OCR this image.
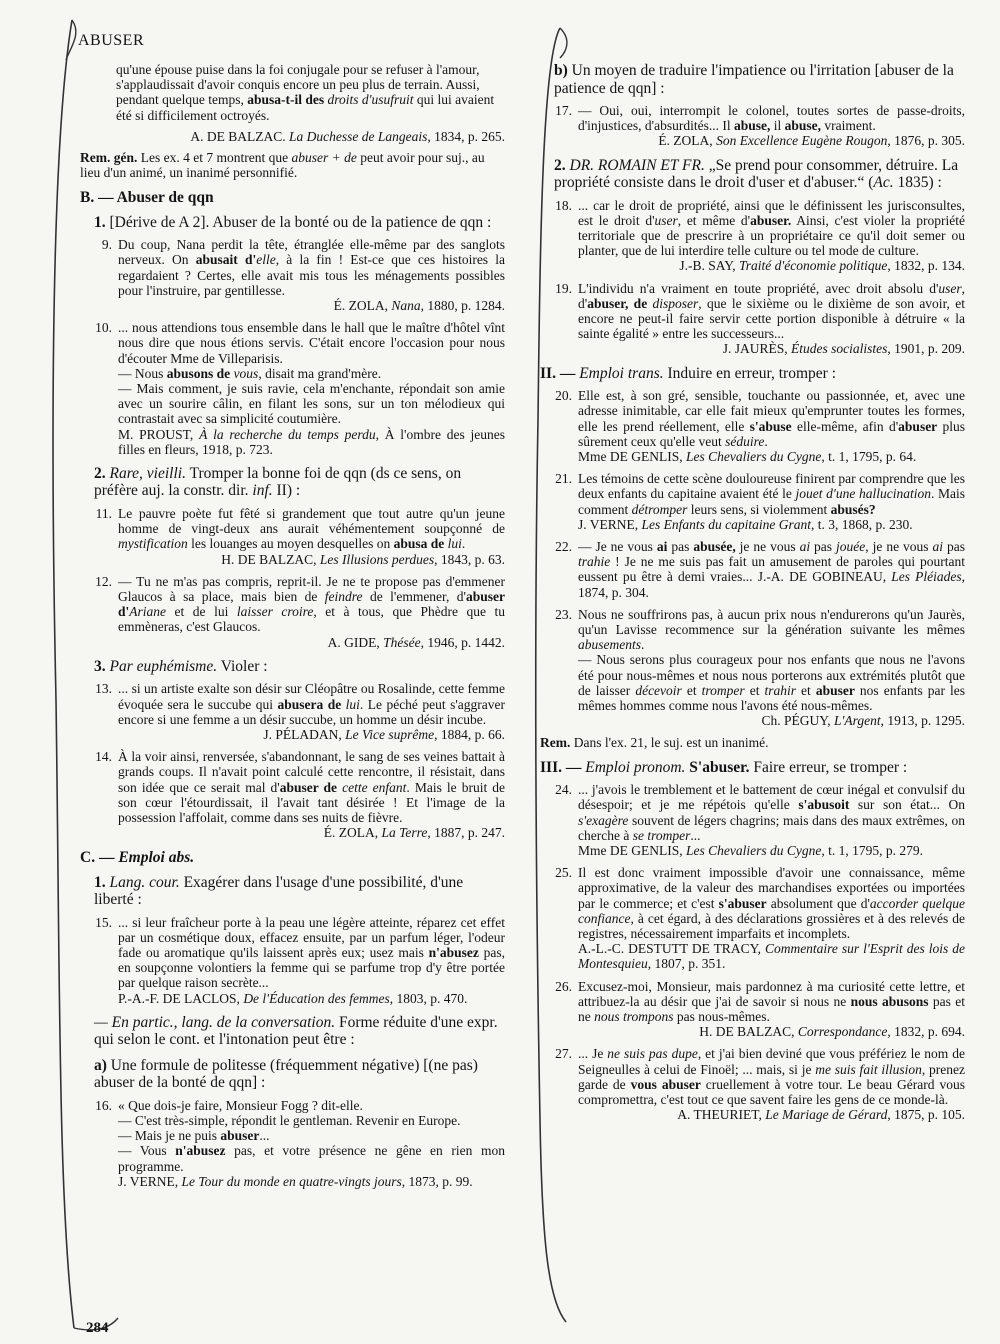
ABUSER
284

qu'une épouse puise dans la foi conjugale pour se refuser à l'amour, s'applaudissait d'avoir conquis encore un peu plus de terrain. Aussi, pendant quelque temps, abusa-t-il des droits d'usufruit qui lui avaient été si difficilement octroyés.

A. DE BALZAC. La Duchesse de Langeais, 1834, p. 265.

Rem. gén. Les ex. 4 et 7 montrent que abuser + de peut avoir pour suj., au lieu d'un animé, un inanimé personnifié.

B. — Abuser de qqn

1. [Dérive de A 2]. Abuser de la bonté ou de la patience de qqn :

9. Du coup, Nana perdit la tête, étranglée elle-même par des sanglots nerveux. On abusait d'elle, à la fin ! Est-ce que ces histoires la regardaient ? Certes, elle avait mis tous les ménagements possibles pour l'instruire, par gentillesse.

É. ZOLA, Nana, 1880, p. 1284.

10. ... nous attendions tous ensemble dans le hall que le maître d'hôtel vînt nous dire que nous étions servis. C'était encore l'occasion pour nous d'écouter Mme de Villeparisis.

— Nous abusons de vous, disait ma grand'mère.

— Mais comment, je suis ravie, cela m'enchante, répondait son amie avec un sourire câlin, en filant les sons, sur un ton mélodieux qui contrastait avec sa simplicité coutumière.

M. PROUST, À la recherche du temps perdu, À l'ombre des jeunes filles en fleurs, 1918, p. 723.

2. Rare, vieilli. Tromper la bonne foi de qqn (ds ce sens, on préfère auj. la constr. dir. inf. II) :

11. Le pauvre poète fut fêté si grandement que tout autre qu'un jeune homme de vingt-deux ans aurait véhémentement soupçonné de mystification les louanges au moyen desquelles on abusa de lui.

H. DE BALZAC, Les Illusions perdues, 1843, p. 63.

12. — Tu ne m'as pas compris, reprit-il. Je ne te propose pas d'emmener Glaucos à sa place, mais bien de feindre de l'emmener, d'abuser d'Ariane et de lui laisser croire, et à tous, que Phèdre que tu emmèneras, c'est Glaucos.

A. GIDE, Thésée, 1946, p. 1442.

3. Par euphémisme. Violer :

13. ... si un artiste exalte son désir sur Cléopâtre ou Rosalinde, cette femme évoquée sera le succube qui abusera de lui. Le péché peut s'aggraver encore si une femme a un désir succube, un homme un désir incube.

J. PÉLADAN, Le Vice suprême, 1884, p. 66.

14. À la voir ainsi, renversée, s'abandonnant, le sang de ses veines battait à grands coups. Il n'avait point calculé cette rencontre, il résistait, dans son idée que ce serait mal d'abuser de cette enfant. Mais le bruit de son cœur l'étourdissait, il l'avait tant désirée ! Et l'image de la possession l'affolait, comme dans ses nuits de fièvre.

É. ZOLA, La Terre, 1887, p. 247.

C. — Emploi abs.

1. Lang. cour. Exagérer dans l'usage d'une possibilité, d'une liberté :

15. ... si leur fraîcheur porte à la peau une légère atteinte, réparez cet effet par un cosmétique doux, effacez ensuite, par un parfum léger, l'odeur fade ou aromatique qu'ils laissent après eux; usez mais n'abusez pas, en soupçonne volontiers la femme qui se parfume trop d'y être portée par quelque raison secrète...

P.-A.-F. DE LACLOS, De l'Éducation des femmes, 1803, p. 470.

— En partic., lang. de la conversation. Forme réduite d'une expr. qui selon le cont. et l'intonation peut être :

a) Une formule de politesse (fréquemment négative) [(ne pas) abuser de la bonté de qqn] :

16. « Que dois-je faire, Monsieur Fogg ? dit-elle.

— C'est très-simple, répondit le gentleman. Revenir en Europe.

— Mais je ne puis abuser...

— Vous n'abusez pas, et votre présence ne gêne en rien mon programme.

J. VERNE, Le Tour du monde en quatre-vingts jours, 1873, p. 99.

b) Un moyen de traduire l'impatience ou l'irritation [abuser de la patience de qqn] :

17. — Oui, oui, interrompit le colonel, toutes sortes de passe-droits, d'injustices, d'absurdités... Il abuse, il abuse, vraiment.

É. ZOLA, Son Excellence Eugène Rougon, 1876, p. 305.

2. DR. ROMAIN ET FR. „Se prend pour consommer, détruire. La propriété consiste dans le droit d'user et d'abuser.“ (Ac. 1835) :

18. ... car le droit de propriété, ainsi que le définissent les jurisconsultes, est le droit d'user, et même d'abuser. Ainsi, c'est violer la propriété territoriale que de prescrire à un propriétaire ce qu'il doit semer ou planter, que de lui interdire telle culture ou tel mode de culture.

J.-B. SAY, Traité d'économie politique, 1832, p. 134.

19. L'individu n'a vraiment en toute propriété, avec droit absolu d'user, d'abuser, de disposer, que le sixième ou le dixième de son avoir, et encore ne peut-il faire servir cette portion disponible à détruire « la sainte égalité » entre les successeurs...

J. JAURÈS, Études socialistes, 1901, p. 209.

II. — Emploi trans. Induire en erreur, tromper :

20. Elle est, à son gré, sensible, touchante ou passionnée, et, avec une adresse inimitable, car elle fait mieux qu'emprunter toutes les formes, elle les prend réellement, elle s'abuse elle-même, afin d'abuser plus sûrement ceux qu'elle veut séduire.

Mme DE GENLIS, Les Chevaliers du Cygne, t. 1, 1795, p. 64.

21. Les témoins de cette scène douloureuse finirent par comprendre que les deux enfants du capitaine avaient été le jouet d'une hallucination. Mais comment détromper leurs sens, si violemment abusés?

J. VERNE, Les Enfants du capitaine Grant, t. 3, 1868, p. 230.

22. — Je ne vous ai pas abusée, je ne vous ai pas jouée, je ne vous ai pas trahie ! Je ne me suis pas fait un amusement de paroles qui pourtant eussent pu être à demi vraies... J.-A. DE GOBINEAU, Les Pléiades, 1874, p. 304.

23. Nous ne souffrirons pas, à aucun prix nous n'endurerons qu'un Jaurès, qu'un Lavisse recommence sur la génération suivante les mêmes abusements.

— Nous serons plus courageux pour nos enfants que nous ne l'avons été pour nous-mêmes et nous nous porterons aux extrémités plutôt que de laisser décevoir et tromper et trahir et abuser nos enfants par les mêmes hommes comme nous l'avons été nous-mêmes.

Ch. PÉGUY, L'Argent, 1913, p. 1295.

Rem. Dans l'ex. 21, le suj. est un inanimé.

III. — Emploi pronom. S'abuser. Faire erreur, se tromper :

24. ... j'avois le tremblement et le battement de cœur inégal et convulsif du désespoir; et je me répétois qu'elle s'abusoit sur son état... On s'exagère souvent de légers chagrins; mais dans des maux extrêmes, on cherche à se tromper...

Mme DE GENLIS, Les Chevaliers du Cygne, t. 1, 1795, p. 279.

25. Il est donc vraiment impossible d'avoir une connaissance, même approximative, de la valeur des marchandises exportées ou importées par le commerce; et c'est s'abuser absolument que d'accorder quelque confiance, à cet égard, à des déclarations grossières et à des relevés de registres, nécessairement imparfaits et incomplets.

A.-L.-C. DESTUTT DE TRACY, Commentaire sur l'Esprit des lois de Montesquieu, 1807, p. 351.

26. Excusez-moi, Monsieur, mais pardonnez à ma curiosité cette lettre, et attribuez-la au désir que j'ai de savoir si nous ne nous abusons pas et ne nous trompons pas nous-mêmes.

H. DE BALZAC, Correspondance, 1832, p. 694.

27. ... Je ne suis pas dupe, et j'ai bien deviné que vous préfériez le nom de Seigneulles à celui de Finoël; ... mais, si je me suis fait illusion, prenez garde de vous abuser cruellement à votre tour. Le beau Gérard vous compromettra, c'est tout ce que savent faire les gens de ce monde-là.

A. THEURIET, Le Mariage de Gérard, 1875, p. 105.
